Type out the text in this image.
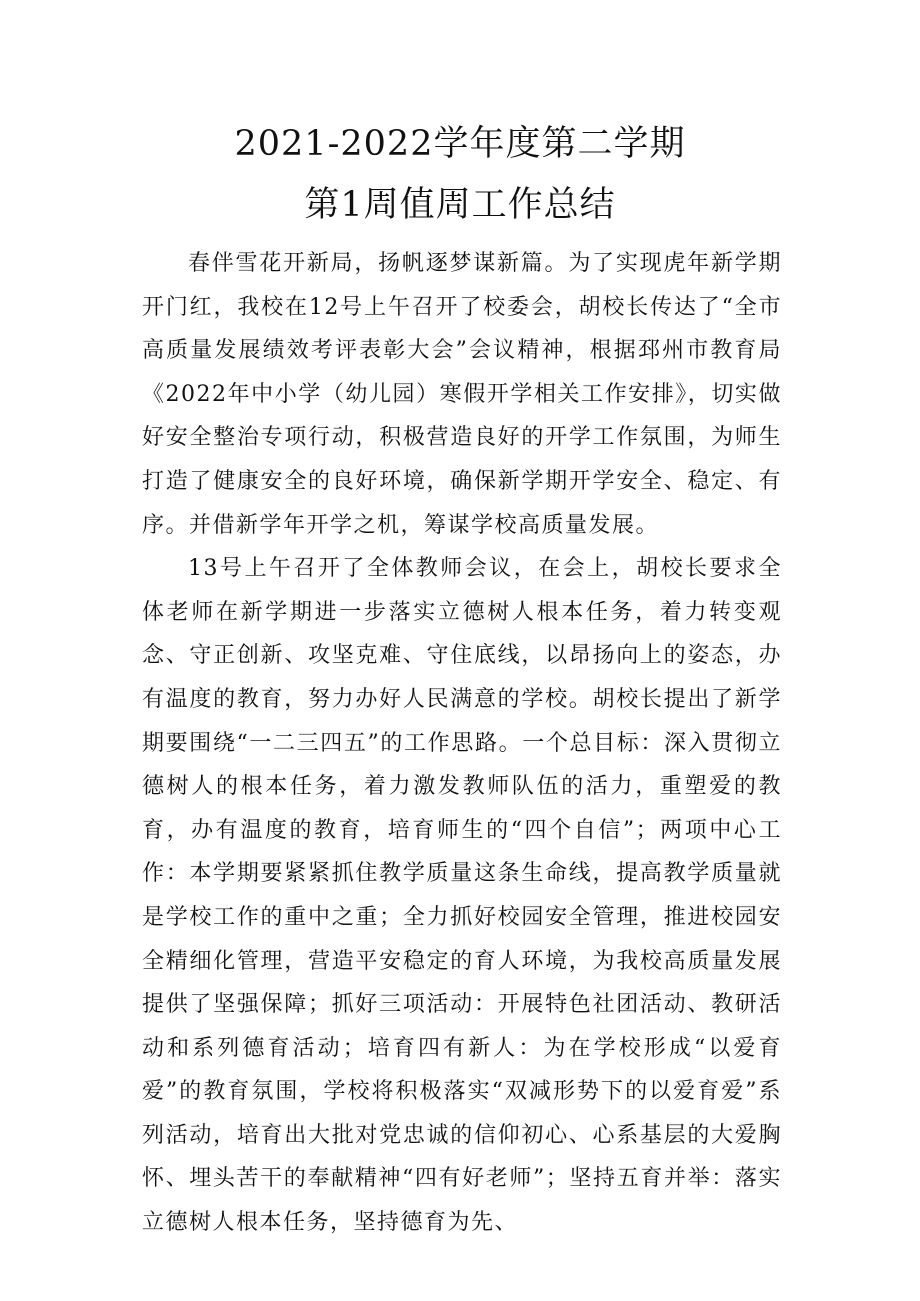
2021-2022学年度第二学期
第1周值周工作总结

春伴雪花开新局，扬帆逐梦谋新篇。为了实现虎年新学期开门红，我校在12号上午召开了校委会，胡校长传达了“全市高质量发展绩效考评表彰大会”会议精神，根据邳州市教育局《2022年中小学（幼儿园）寒假开学相关工作安排》，切实做好安全整治专项行动，积极营造良好的开学工作氛围，为师生打造了健康安全的良好环境，确保新学期开学安全、稳定、有序。并借新学年开学之机，筹谋学校高质量发展。

13号上午召开了全体教师会议，在会上，胡校长要求全体老师在新学期进一步落实立德树人根本任务，着力转变观念、守正创新、攻坚克难、守住底线，以昂扬向上的姿态，办有温度的教育，努力办好人民满意的学校。胡校长提出了新学期要围绕“一二三四五”的工作思路。一个总目标：深入贯彻立德树人的根本任务，着力激发教师队伍的活力，重塑爱的教育，办有温度的教育，培育师生的“四个自信”；两项中心工作：本学期要紧紧抓住教学质量这条生命线，提高教学质量就是学校工作的重中之重；全力抓好校园安全管理，推进校园安全精细化管理，营造平安稳定的育人环境，为我校高质量发展提供了坚强保障；抓好三项活动：开展特色社团活动、教研活动和系列德育活动；培育四有新人：为在学校形成“以爱育爱”的教育氛围，学校将积极落实“双减形势下的以爱育爱”系列活动，培育出大批对党忠诚的信仰初心、心系基层的大爱胸怀、埋头苦干的奉献精神“四有好老师”；坚持五育并举：落实立德树人根本任务，坚持德育为先、
